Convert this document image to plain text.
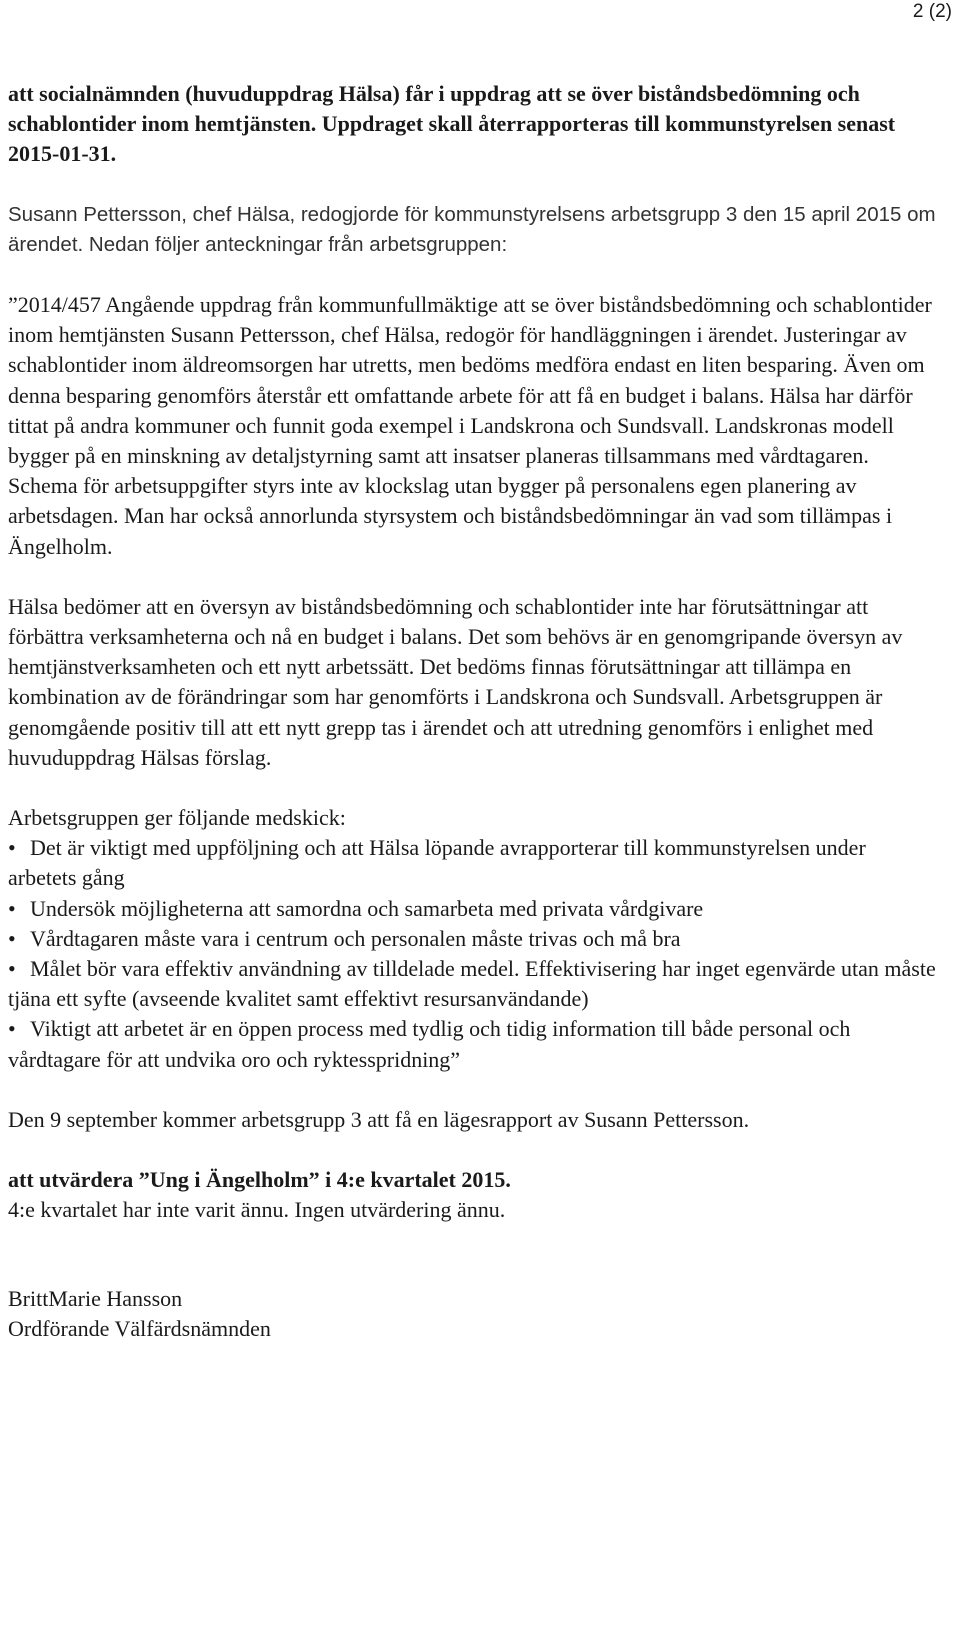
2 (2)

att socialnämnden (huvuduppdrag Hälsa) får i uppdrag att se över biståndsbedömning och schablontider inom hemtjänsten. Uppdraget skall återrapporteras till kommunstyrelsen senast 2015-01-31.

Susann Pettersson, chef Hälsa, redogjorde för kommunstyrelsens arbetsgrupp 3 den 15 april 2015 om ärendet. Nedan följer anteckningar från arbetsgruppen:

”2014/457 Angående uppdrag från kommunfullmäktige att se över biståndsbedömning och schablontider inom hemtjänsten Susann Pettersson, chef Hälsa, redogör för handläggningen i ärendet. Justeringar av schablontider inom äldreomsorgen har utretts, men bedöms medföra endast en liten besparing. Även om denna besparing genomförs återstår ett omfattande arbete för att få en budget i balans. Hälsa har därför tittat på andra kommuner och funnit goda exempel i Landskrona och Sundsvall. Landskronas modell bygger på en minskning av detaljstyrning samt att insatser planeras tillsammans med vårdtagaren. Schema för arbetsuppgifter styrs inte av klockslag utan bygger på personalens egen planering av arbetsdagen. Man har också annorlunda styrsystem och biståndsbedömningar än vad som tillämpas i Ängelholm.

Hälsa bedömer att en översyn av biståndsbedömning och schablontider inte har förutsättningar att förbättra verksamheterna och nå en budget i balans. Det som behövs är en genomgripande översyn av hemtjänstverksamheten och ett nytt arbetssätt. Det bedöms finnas förutsättningar att tillämpa en kombination av de förändringar som har genomförts i Landskrona och Sundsvall. Arbetsgruppen är genomgående positiv till att ett nytt grepp tas i ärendet och att utredning genomförs i enlighet med huvuduppdrag Hälsas förslag.

Arbetsgruppen ger följande medskick:

• Det är viktigt med uppföljning och att Hälsa löpande avrapporterar till kommunstyrelsen under arbetets gång

• Undersök möjligheterna att samordna och samarbeta med privata vårdgivare

• Vårdtagaren måste vara i centrum och personalen måste trivas och må bra

• Målet bör vara effektiv användning av tilldelade medel. Effektivisering har inget egenvärde utan måste tjäna ett syfte (avseende kvalitet samt effektivt resursanvändande)

• Viktigt att arbetet är en öppen process med tydlig och tidig information till både personal och vårdtagare för att undvika oro och ryktesspridning”

Den 9 september kommer arbetsgrupp 3 att få en lägesrapport av Susann Pettersson.

att utvärdera ”Ung i Ängelholm” i 4:e kvartalet 2015.

4:e kvartalet har inte varit ännu. Ingen utvärdering ännu.

BrittMarie Hansson

Ordförande Välfärdsnämnden
